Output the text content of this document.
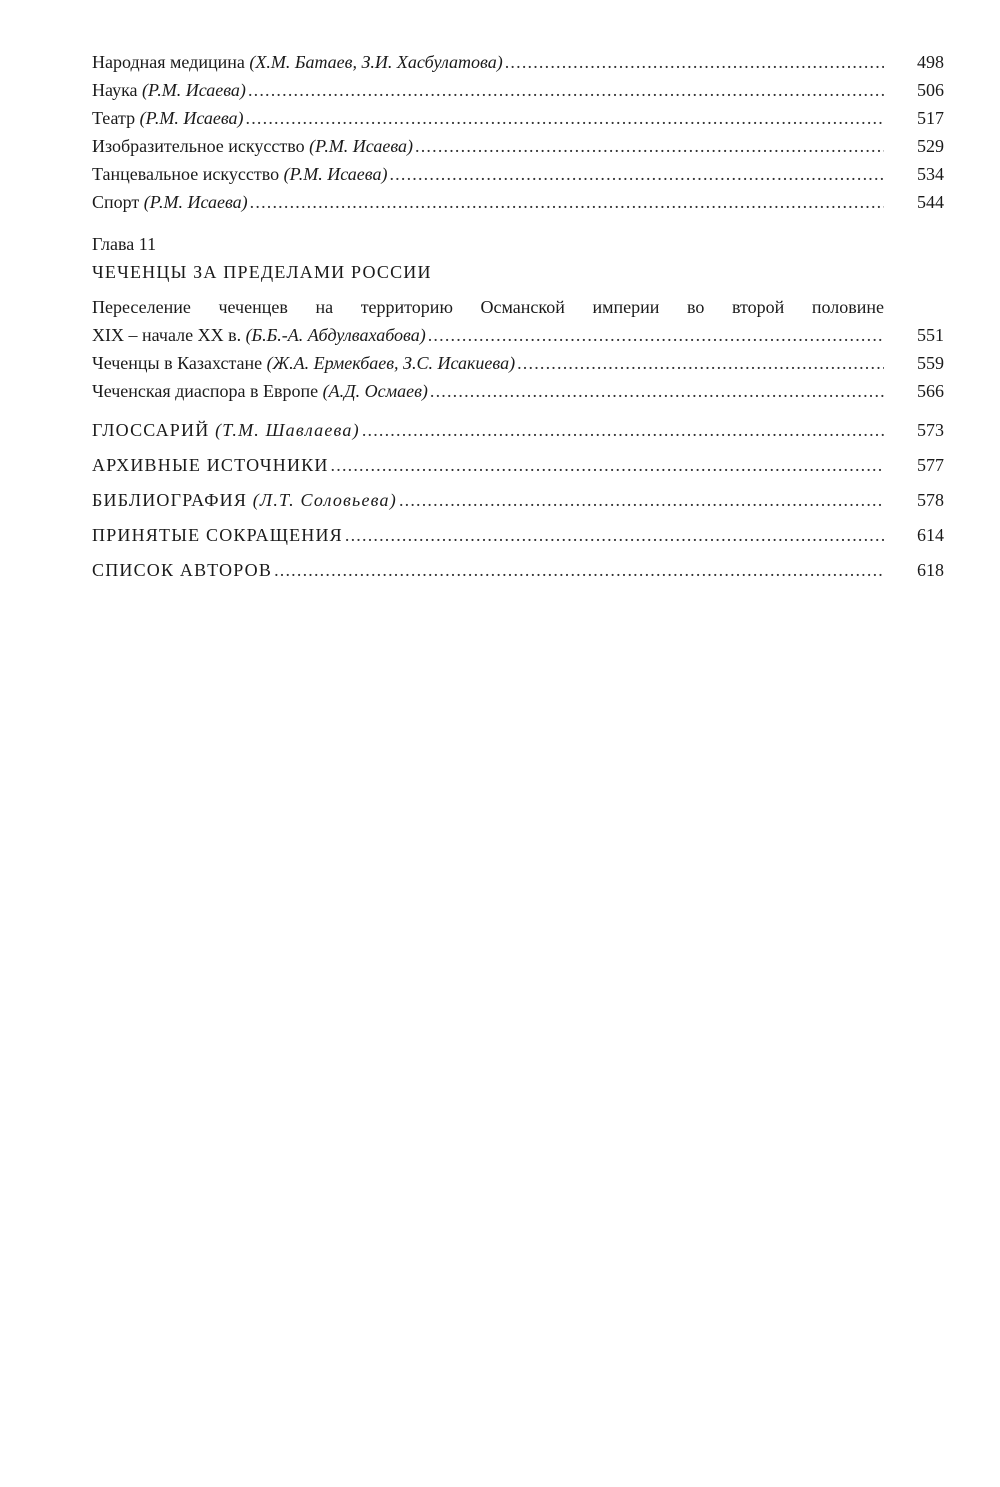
Народная медицина (Х.М. Батаев, З.И. Хасбулатова) .....	498
Наука (Р.М. Исаева) .....	506
Театр (Р.М. Исаева) .....	517
Изобразительное искусство (Р.М. Исаева) .....	529
Танцевальное искусство (Р.М. Исаева) .....	534
Спорт (Р.М. Исаева) .....	544
Глава 11
ЧЕЧЕНЦЫ ЗА ПРЕДЕЛАМИ РОССИИ
Переселение чеченцев на территорию Османской империи во второй половине
XIX – начале XX в. (Б.Б.-А. Абдулвахабова) .....	551
Чеченцы в Казахстане (Ж.А. Ермекбаев, З.С. Исакиева) .....	559
Чеченская диаспора в Европе (А.Д. Осмаев) .....	566
ГЛОССАРИЙ (Т.М. Шавлаева) .....	573
АРХИВНЫЕ ИСТОЧНИКИ .....	577
БИБЛИОГРАФИЯ (Л.Т. Соловьева) .....	578
ПРИНЯТЫЕ СОКРАЩЕНИЯ .....	614
СПИСОК АВТОРОВ .....	618
